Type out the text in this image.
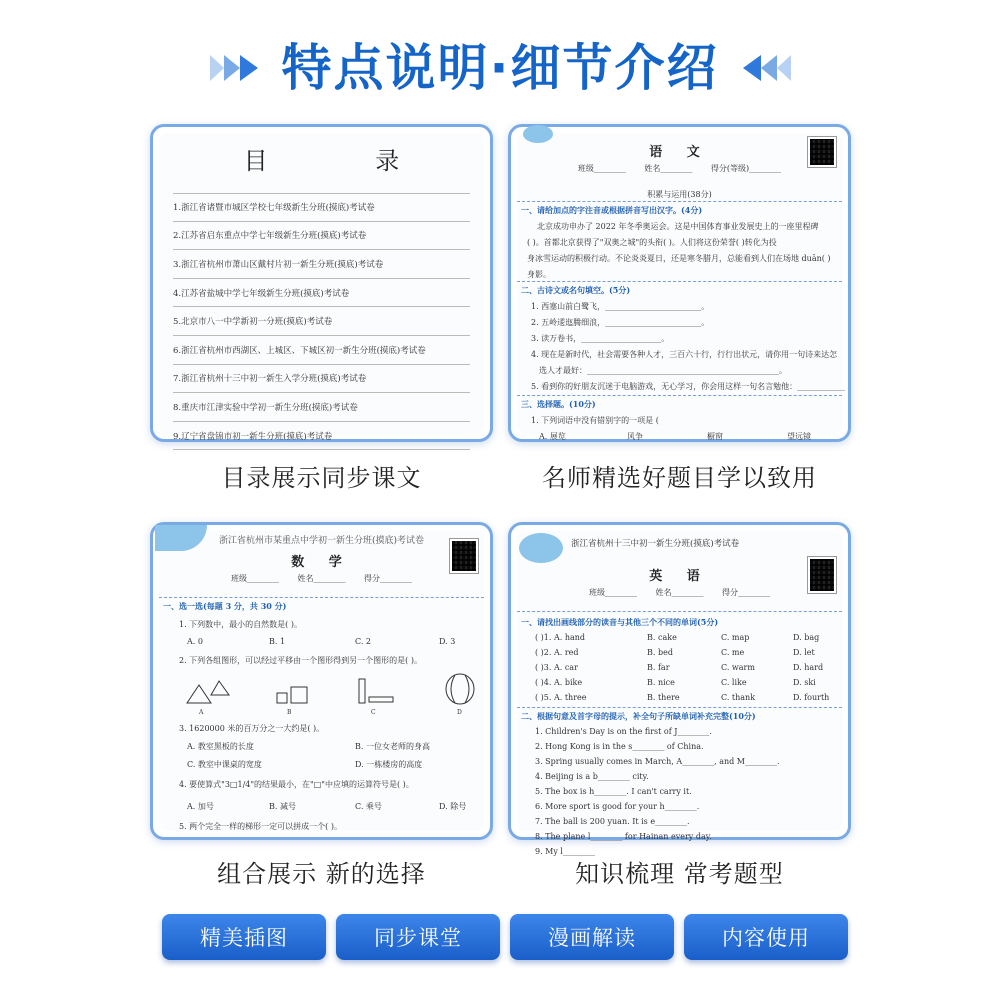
特点说明·细节介绍
目 录
1.浙江省诸暨市城区学校七年级新生分班(摸底)考试卷
2.江苏省启东重点中学七年级新生分班(摸底)考试卷
3.浙江省杭州市萧山区戴村片初一新生分班(摸底)考试卷
4.江苏省盐城中学七年级新生分班(摸底)考试卷
5.北京市八一中学新初一分班(摸底)考试卷
6.浙江省杭州市西湖区、上城区、下城区初一新生分班(摸底)考试卷
7.浙江省杭州十三中初一新生入学分班(摸底)考试卷
8.重庆市江津实验中学初一新生分班(摸底)考试卷
9.辽宁省盘锦市初一新生分班(摸底)考试卷
目录展示同步课文
语 文
班级________ 姓名________ 得分(等级)________
积累与运用(38分)
一、请给加点的字注音或根据拼音写出汉字。(4分)
北京成功申办了 2022 年冬季奥运会。这是中国体育事业发展史上的一座里程碑
( )。首都北京获得了"双奥之城"的头衔( )。人们将这份荣誉( )转化为投
身冰雪运动的积极行动。不论炎炎夏日，还是寒冬腊月，总能看到人们在场地 duān( )
身影。
二、古诗文或名句填空。(5分)
1. 西塞山前白鹭飞，________________________。
2. 五岭逶迤腾细浪，________________________。
3. 读万卷书，____________________。
4. 现在是新时代，社会需要各种人才，三百六十行，行行出状元，请你用一句诗来达怎
选人才最好：________________________________________________。
5. 看到你的好朋友沉迷于电脑游戏，无心学习，你会用这样一句名言勉他：____________
三、选择题。(10分)
1. 下列词语中没有错别字的一项是 (
A. 展览	风争	橱窗	望远镜
名师精选好题目学以致用
浙江省杭州市某重点中学初一新生分班(摸底)考试卷
数 学
班级________ 姓名________ 得分________
一、选一选(每题 3 分，共 30 分)
1. 下列数中，最小的自然数是( )。
A. 0	B. 1	C. 2	D. 3
2. 下列各组图形，可以经过平移由一个图形得到另一个图形的是( )。
A	B	C	D
3. 1620000 米的百万分之一大约是( )。
A. 教室黑板的长度	B. 一位女老师的身高
C. 教室中课桌的宽度	D. 一栋楼房的高度
4. 要使算式"3□1/4"的结果最小，在"□"中应填的运算符号是( )。
A. 加号	B. 减号	C. 乘号	D. 除号
5. 两个完全一样的梯形一定可以拼成一个( )。
组合展示 新的选择
浙江省杭州十三中初一新生分班(摸底)考试卷
英 语
班级________ 姓名________ 得分________
一、请找出画线部分的读音与其他三个不同的单词(5分)
( )1. A. hand	B. cake	C. map	D. bag
( )2. A. red	B. bed	C. me	D. let
( )3. A. car	B. far	C. warm	D. hard
( )4. A. bike	B. nice	C. like	D. ski
( )5. A. three	B. there	C. thank	D. fourth
二、根据句意及首字母的提示，补全句子所缺单词补充完整(10分)
1. Children's Day is on the first of J________.
2. Hong Kong is in the s________ of China.
3. Spring usually comes in March, A________, and M________.
4. Beijing is a b________ city.
5. The box is h________. I can't carry it.
6. More sport is good for your h________.
7. The ball is 200 yuan. It is e________.
8. The plane l________ for Hainan every day.
9. My l________
知识梳理 常考题型
精美插图	同步课堂	漫画解读	内容使用
